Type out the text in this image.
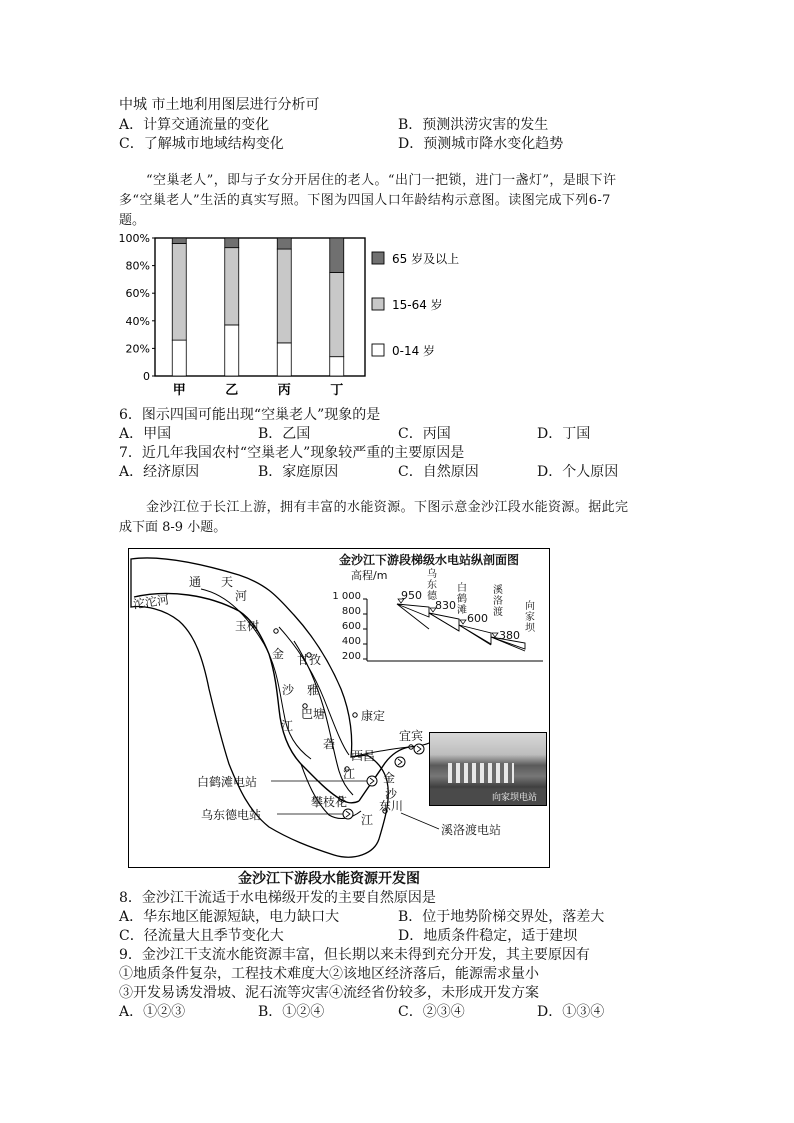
中城 市土地利用图层进行分析可
A．计算交通流量的变化	B．预测洪涝灾害的发生
C．了解城市地域结构变化	D．预测城市降水变化趋势
“空巢老人”，即与子女分开居住的老人。“出门一把锁，进门一盏灯”，是眼下许
多“空巢老人”生活的真实写照。下图为四国人口年龄结构示意图。读图完成下列6-7
题。
0
20%
40%
60%
80%
100%
甲	乙	丙	丁
65 岁及以上
15-64 岁
0-14 岁
6．图示四国可能出现“空巢老人”现象的是
A．甲国	B．乙国	C．丙国	D．丁国
7．近几年我国农村“空巢老人”现象较严重的主要原因是
A．经济原因	B．家庭原因	C．自然原因	D．个人原因
金沙江位于长江上游，拥有丰富的水能资源。下图示意金沙江段水能资源。据此完
成下面 8-9 小题。
沱沱河
通 天
河
玉树
金 甘孜
沙 雅
巴塘
江
康定
砻
西昌
宜宾
江 金
沙
攀枝花	东川
江
白鹤滩电站
乌东德电站
溪洛渡电站
金沙江下游段梯级水电站纵剖面图
高程/m
1 000
800
600
400
200
乌东德
白鹤滩
溪洛渡
向家坝
950
830
600
380
向家坝电站
金沙江下游段水能资源开发图
8．金沙江干流适于水电梯级开发的主要自然原因是
A．华东地区能源短缺，电力缺口大	B．位于地势阶梯交界处，落差大
C．径流量大且季节变化大	D．地质条件稳定，适于建坝
9．金沙江干支流水能资源丰富，但长期以来未得到充分开发，其主要原因有
①地质条件复杂，工程技术难度大②该地区经济落后，能源需求量小
③开发易诱发滑坡、泥石流等灾害④流经省份较多，未形成开发方案
A．①②③	B．①②④	C．②③④	D．①③④
